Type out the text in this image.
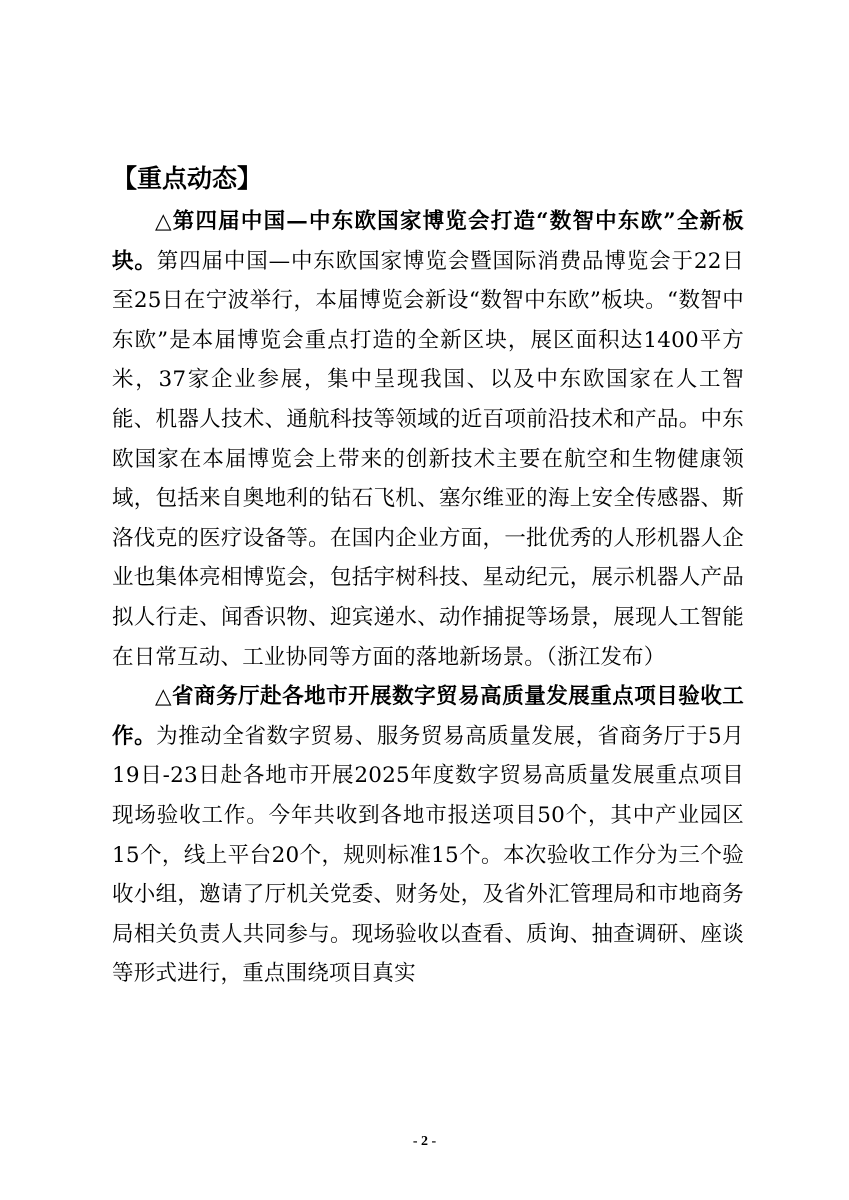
【重点动态】

△第四届中国—中东欧国家博览会打造“数智中东欧”全新板块。第四届中国—中东欧国家博览会暨国际消费品博览会于22日至25日在宁波举行，本届博览会新设“数智中东欧”板块。“数智中东欧”是本届博览会重点打造的全新区块，展区面积达1400平方米，37家企业参展，集中呈现我国、以及中东欧国家在人工智能、机器人技术、通航科技等领域的近百项前沿技术和产品。中东欧国家在本届博览会上带来的创新技术主要在航空和生物健康领域，包括来自奥地利的钻石飞机、塞尔维亚的海上安全传感器、斯洛伐克的医疗设备等。在国内企业方面，一批优秀的人形机器人企业也集体亮相博览会，包括宇树科技、星动纪元，展示机器人产品拟人行走、闻香识物、迎宾递水、动作捕捉等场景，展现人工智能在日常互动、工业协同等方面的落地新场景。（浙江发布）

△省商务厅赴各地市开展数字贸易高质量发展重点项目验收工作。为推动全省数字贸易、服务贸易高质量发展，省商务厅于5月19日-23日赴各地市开展2025年度数字贸易高质量发展重点项目现场验收工作。今年共收到各地市报送项目50个，其中产业园区15个，线上平台20个，规则标准15个。本次验收工作分为三个验收小组，邀请了厅机关党委、财务处，及省外汇管理局和市地商务局相关负责人共同参与。现场验收以查看、质询、抽查调研、座谈等形式进行，重点围绕项目真实

- 2 -
